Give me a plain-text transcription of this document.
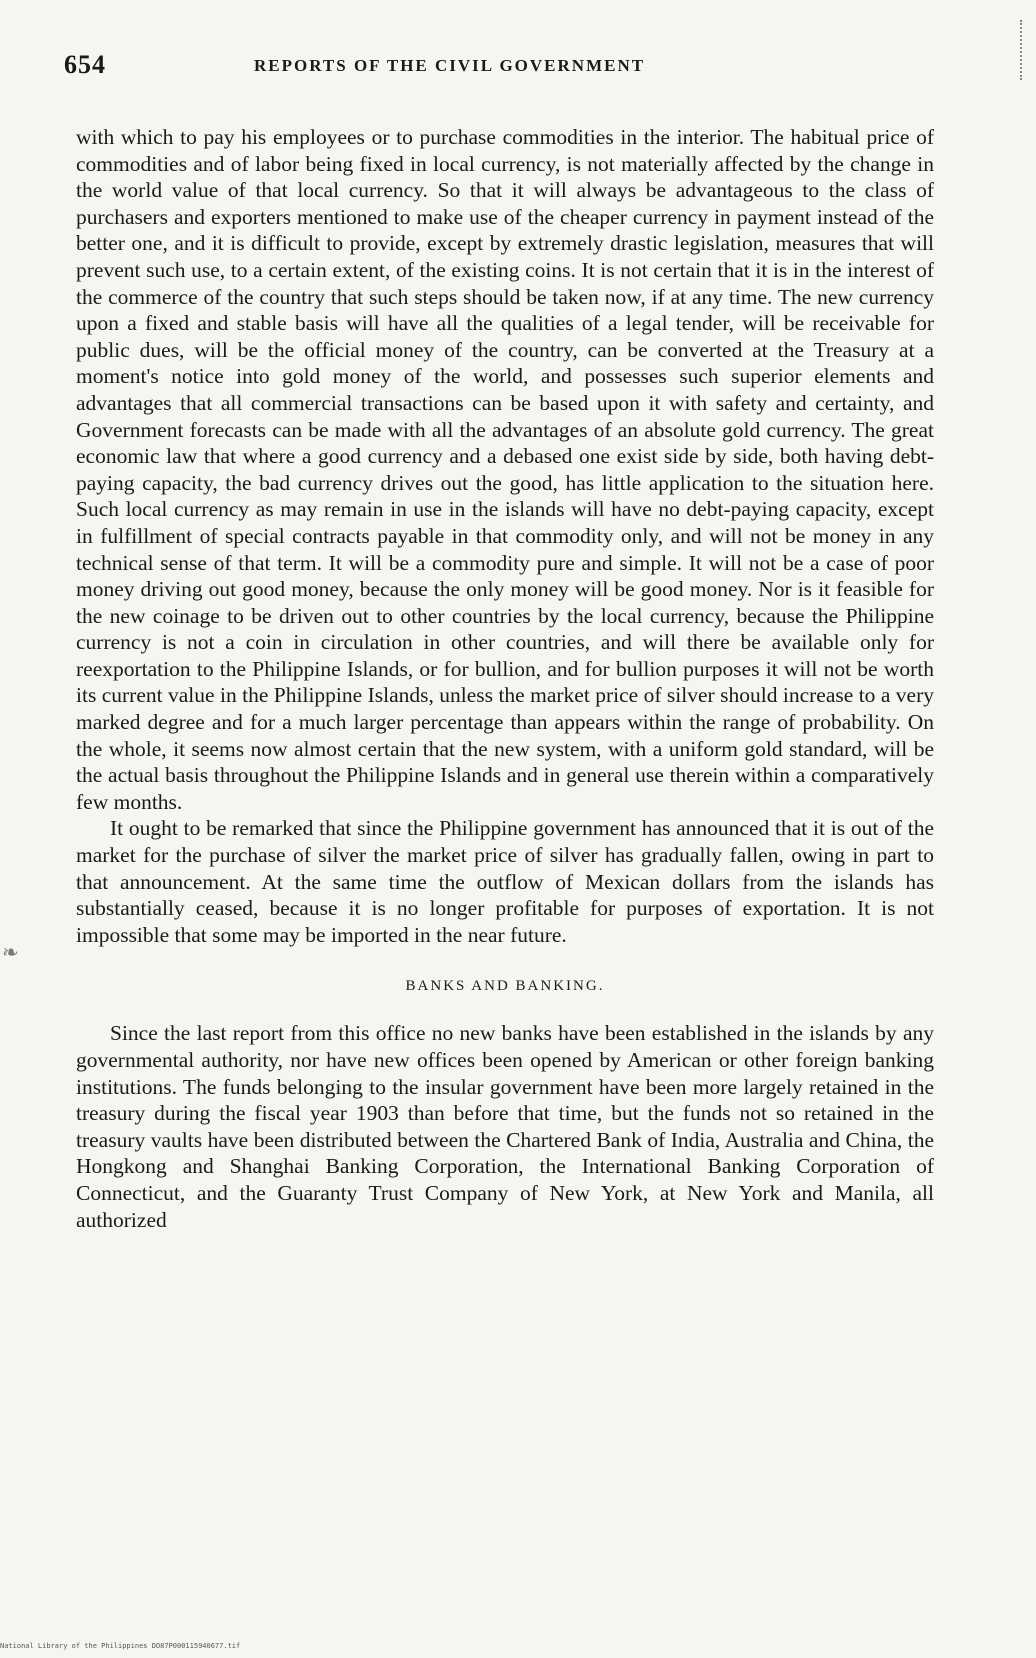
❧
654	REPORTS OF THE CIVIL GOVERNMENT

with which to pay his employees or to purchase commodities in the interior. The habitual price of commodities and of labor being fixed in local currency, is not materially affected by the change in the world value of that local currency. So that it will always be advantageous to the class of purchasers and exporters mentioned to make use of the cheaper currency in payment instead of the better one, and it is difficult to provide, except by extremely drastic legislation, measures that will prevent such use, to a certain extent, of the existing coins. It is not certain that it is in the interest of the commerce of the country that such steps should be taken now, if at any time. The new currency upon a fixed and stable basis will have all the qualities of a legal tender, will be receivable for public dues, will be the official money of the country, can be converted at the Treasury at a moment's notice into gold money of the world, and possesses such superior elements and advantages that all commercial transactions can be based upon it with safety and certainty, and Government forecasts can be made with all the advantages of an absolute gold currency. The great economic law that where a good currency and a debased one exist side by side, both having debt-paying capacity, the bad currency drives out the good, has little application to the situation here. Such local currency as may remain in use in the islands will have no debt-paying capacity, except in fulfillment of special contracts payable in that commodity only, and will not be money in any technical sense of that term. It will be a commodity pure and simple. It will not be a case of poor money driving out good money, because the only money will be good money. Nor is it feasible for the new coinage to be driven out to other countries by the local currency, because the Philippine currency is not a coin in circulation in other countries, and will there be available only for reexportation to the Philippine Islands, or for bullion, and for bullion purposes it will not be worth its current value in the Philippine Islands, unless the market price of silver should increase to a very marked degree and for a much larger percentage than appears within the range of probability. On the whole, it seems now almost certain that the new system, with a uniform gold standard, will be the actual basis throughout the Philippine Islands and in general use therein within a comparatively few months.

It ought to be remarked that since the Philippine government has announced that it is out of the market for the purchase of silver the market price of silver has gradually fallen, owing in part to that announcement. At the same time the outflow of Mexican dollars from the islands has substantially ceased, because it is no longer profitable for purposes of exportation. It is not impossible that some may be imported in the near future.

BANKS AND BANKING.

Since the last report from this office no new banks have been established in the islands by any governmental authority, nor have new offices been opened by American or other foreign banking institutions. The funds belonging to the insular government have been more largely retained in the treasury during the fiscal year 1903 than before that time, but the funds not so retained in the treasury vaults have been distributed between the Chartered Bank of India, Australia and China, the Hongkong and Shanghai Banking Corporation, the International Banking Corporation of Connecticut, and the Guaranty Trust Company of New York, at New York and Manila, all authorized

National Library of the Philippines DO87P000115940677.tif
